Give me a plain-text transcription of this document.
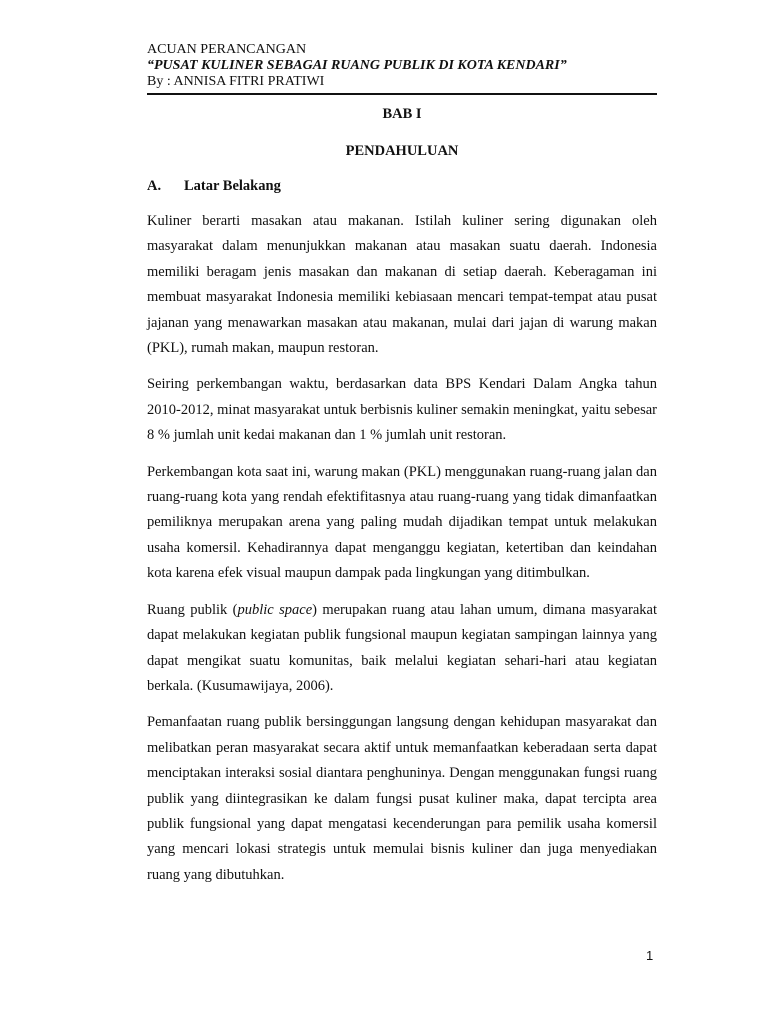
ACUAN PERANCANGAN
“PUSAT KULINER SEBAGAI RUANG PUBLIK DI KOTA KENDARI”
By : ANNISA FITRI PRATIWI
BAB I
PENDAHULUAN
A. Latar Belakang

Kuliner berarti masakan atau makanan. Istilah kuliner sering digunakan oleh masyarakat dalam menunjukkan makanan atau masakan suatu daerah. Indonesia memiliki beragam jenis masakan dan makanan di setiap daerah. Keberagaman ini membuat masyarakat Indonesia memiliki kebiasaan mencari tempat-tempat atau pusat jajanan yang menawarkan masakan atau makanan, mulai dari jajan di warung makan (PKL), rumah makan, maupun restoran.

Seiring perkembangan waktu, berdasarkan data BPS Kendari Dalam Angka tahun 2010-2012, minat masyarakat untuk berbisnis kuliner semakin meningkat, yaitu sebesar 8 % jumlah unit kedai makanan dan 1 % jumlah unit restoran.

Perkembangan kota saat ini, warung makan (PKL) menggunakan ruang-ruang jalan dan ruang-ruang kota yang rendah efektifitasnya atau ruang-ruang yang tidak dimanfaatkan pemiliknya merupakan arena yang paling mudah dijadikan tempat untuk melakukan usaha komersil. Kehadirannya dapat menganggu kegiatan, ketertiban dan keindahan kota karena efek visual maupun dampak pada lingkungan yang ditimbulkan.

Ruang publik (public space) merupakan ruang atau lahan umum, dimana masyarakat dapat melakukan kegiatan publik fungsional maupun kegiatan sampingan lainnya yang dapat mengikat suatu komunitas, baik melalui kegiatan sehari-hari atau kegiatan berkala. (Kusumawijaya, 2006).

Pemanfaatan ruang publik bersinggungan langsung dengan kehidupan masyarakat dan melibatkan peran masyarakat secara aktif untuk memanfaatkan keberadaan serta dapat menciptakan interaksi sosial diantara penghuninya. Dengan menggunakan fungsi ruang publik yang diintegrasikan ke dalam fungsi pusat kuliner maka, dapat tercipta area publik fungsional yang dapat mengatasi kecenderungan para pemilik usaha komersil yang mencari lokasi strategis untuk memulai bisnis kuliner dan juga menyediakan ruang yang dibutuhkan.

1
